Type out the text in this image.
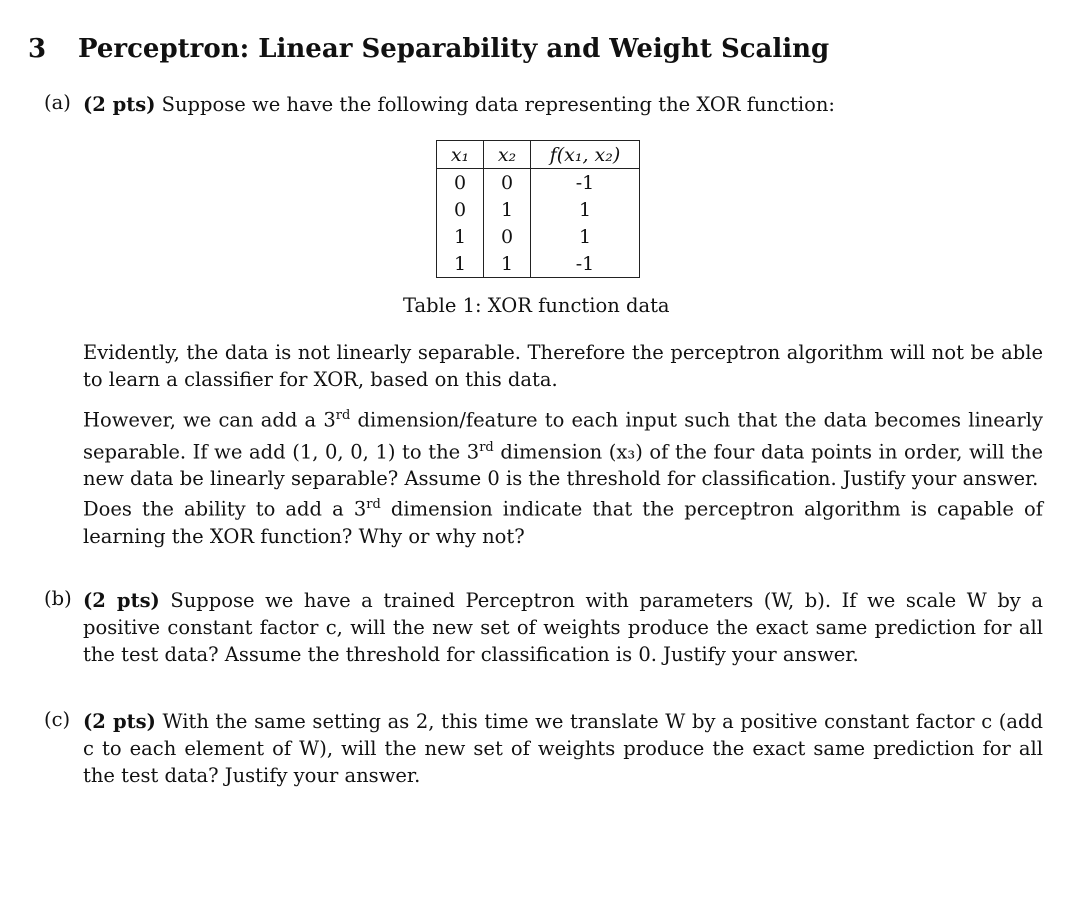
3 Perceptron: Linear Separability and Weight Scaling
(a) (2 pts) Suppose we have the following data representing the XOR function:
x₁	x₂	f(x₁, x₂)
0	0	-1
0	1	1
1	0	1
1	1	-1
Table 1: XOR function data
Evidently, the data is not linearly separable. Therefore the perceptron algorithm will not be able to learn a classifier for XOR, based on this data.
However, we can add a 3rd dimension/feature to each input such that the data becomes linearly separable. If we add (1, 0, 0, 1) to the 3rd dimension (x₃) of the four data points in order, will the new data be linearly separable? Assume 0 is the threshold for classification. Justify your answer.
Does the ability to add a 3rd dimension indicate that the perceptron algorithm is capable of learning the XOR function? Why or why not?
(b) (2 pts) Suppose we have a trained Perceptron with parameters (W, b). If we scale W by a positive constant factor c, will the new set of weights produce the exact same prediction for all the test data? Assume the threshold for classification is 0. Justify your answer.
(c) (2 pts) With the same setting as 2, this time we translate W by a positive constant factor c (add c to each element of W), will the new set of weights produce the exact same prediction for all the test data? Justify your answer.
